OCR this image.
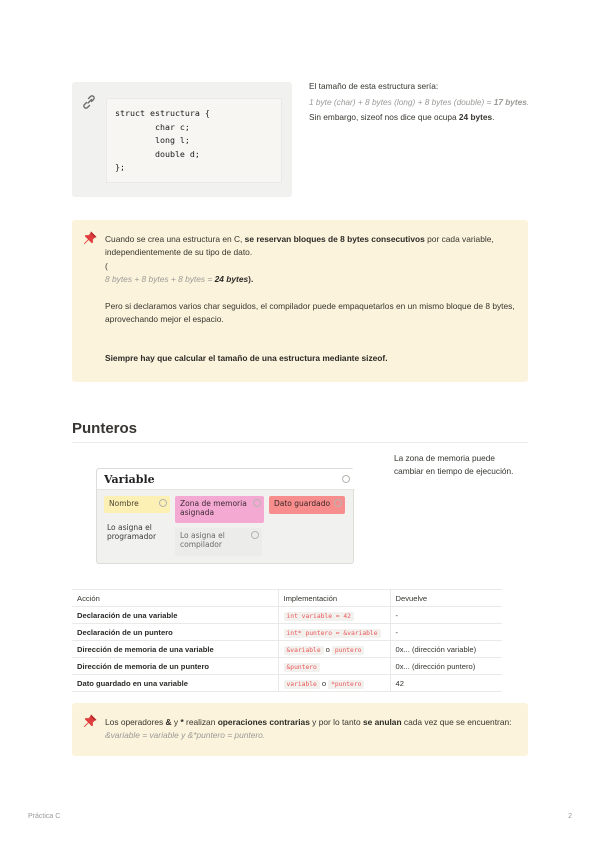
struct estructura {
char c;
long l;
double d;
};

El tamaño de esta estructura sería:

1 byte (char) + 8 bytes (long) + 8 bytes (double) = 17 bytes.

Sin embargo, sizeof nos dice que ocupa 24 bytes.

Cuando se crea una estructura en C, se reservan bloques de 8 bytes consecutivos por cada variable, independientemente de su tipo de dato.
(
8 bytes + 8 bytes + 8 bytes = 24 bytes).
Pero si declaramos varios char seguidos, el compilador puede empaquetarlos en un mismo bloque de 8 bytes, aprovechando mejor el espacio.
Siempre hay que calcular el tamaño de una estructura mediante sizeof.
Punteros
Variable
Nombre	Zona de memoria asignada
Dato guardado
Lo asigna el programador	Lo asigna el compilador
La zona de memoria puede cambiar en tiempo de ejecución.
Acción	Implementación	Devuelve
Declaración de una variable	int variable = 42	-
Declaración de un puntero	int* puntero = &variable	-
Dirección de memoria de una variable	&variable o puntero	0x... (dirección variable)
Dirección de memoria de un puntero	&puntero	0x... (dirección puntero)
Dato guardado en una variable	variable o *puntero	42
Los operadores & y * realizan operaciones contrarias y por lo tanto se anulan cada vez que se encuentran: &variable = variable y &*puntero = puntero.
Práctica C	2
